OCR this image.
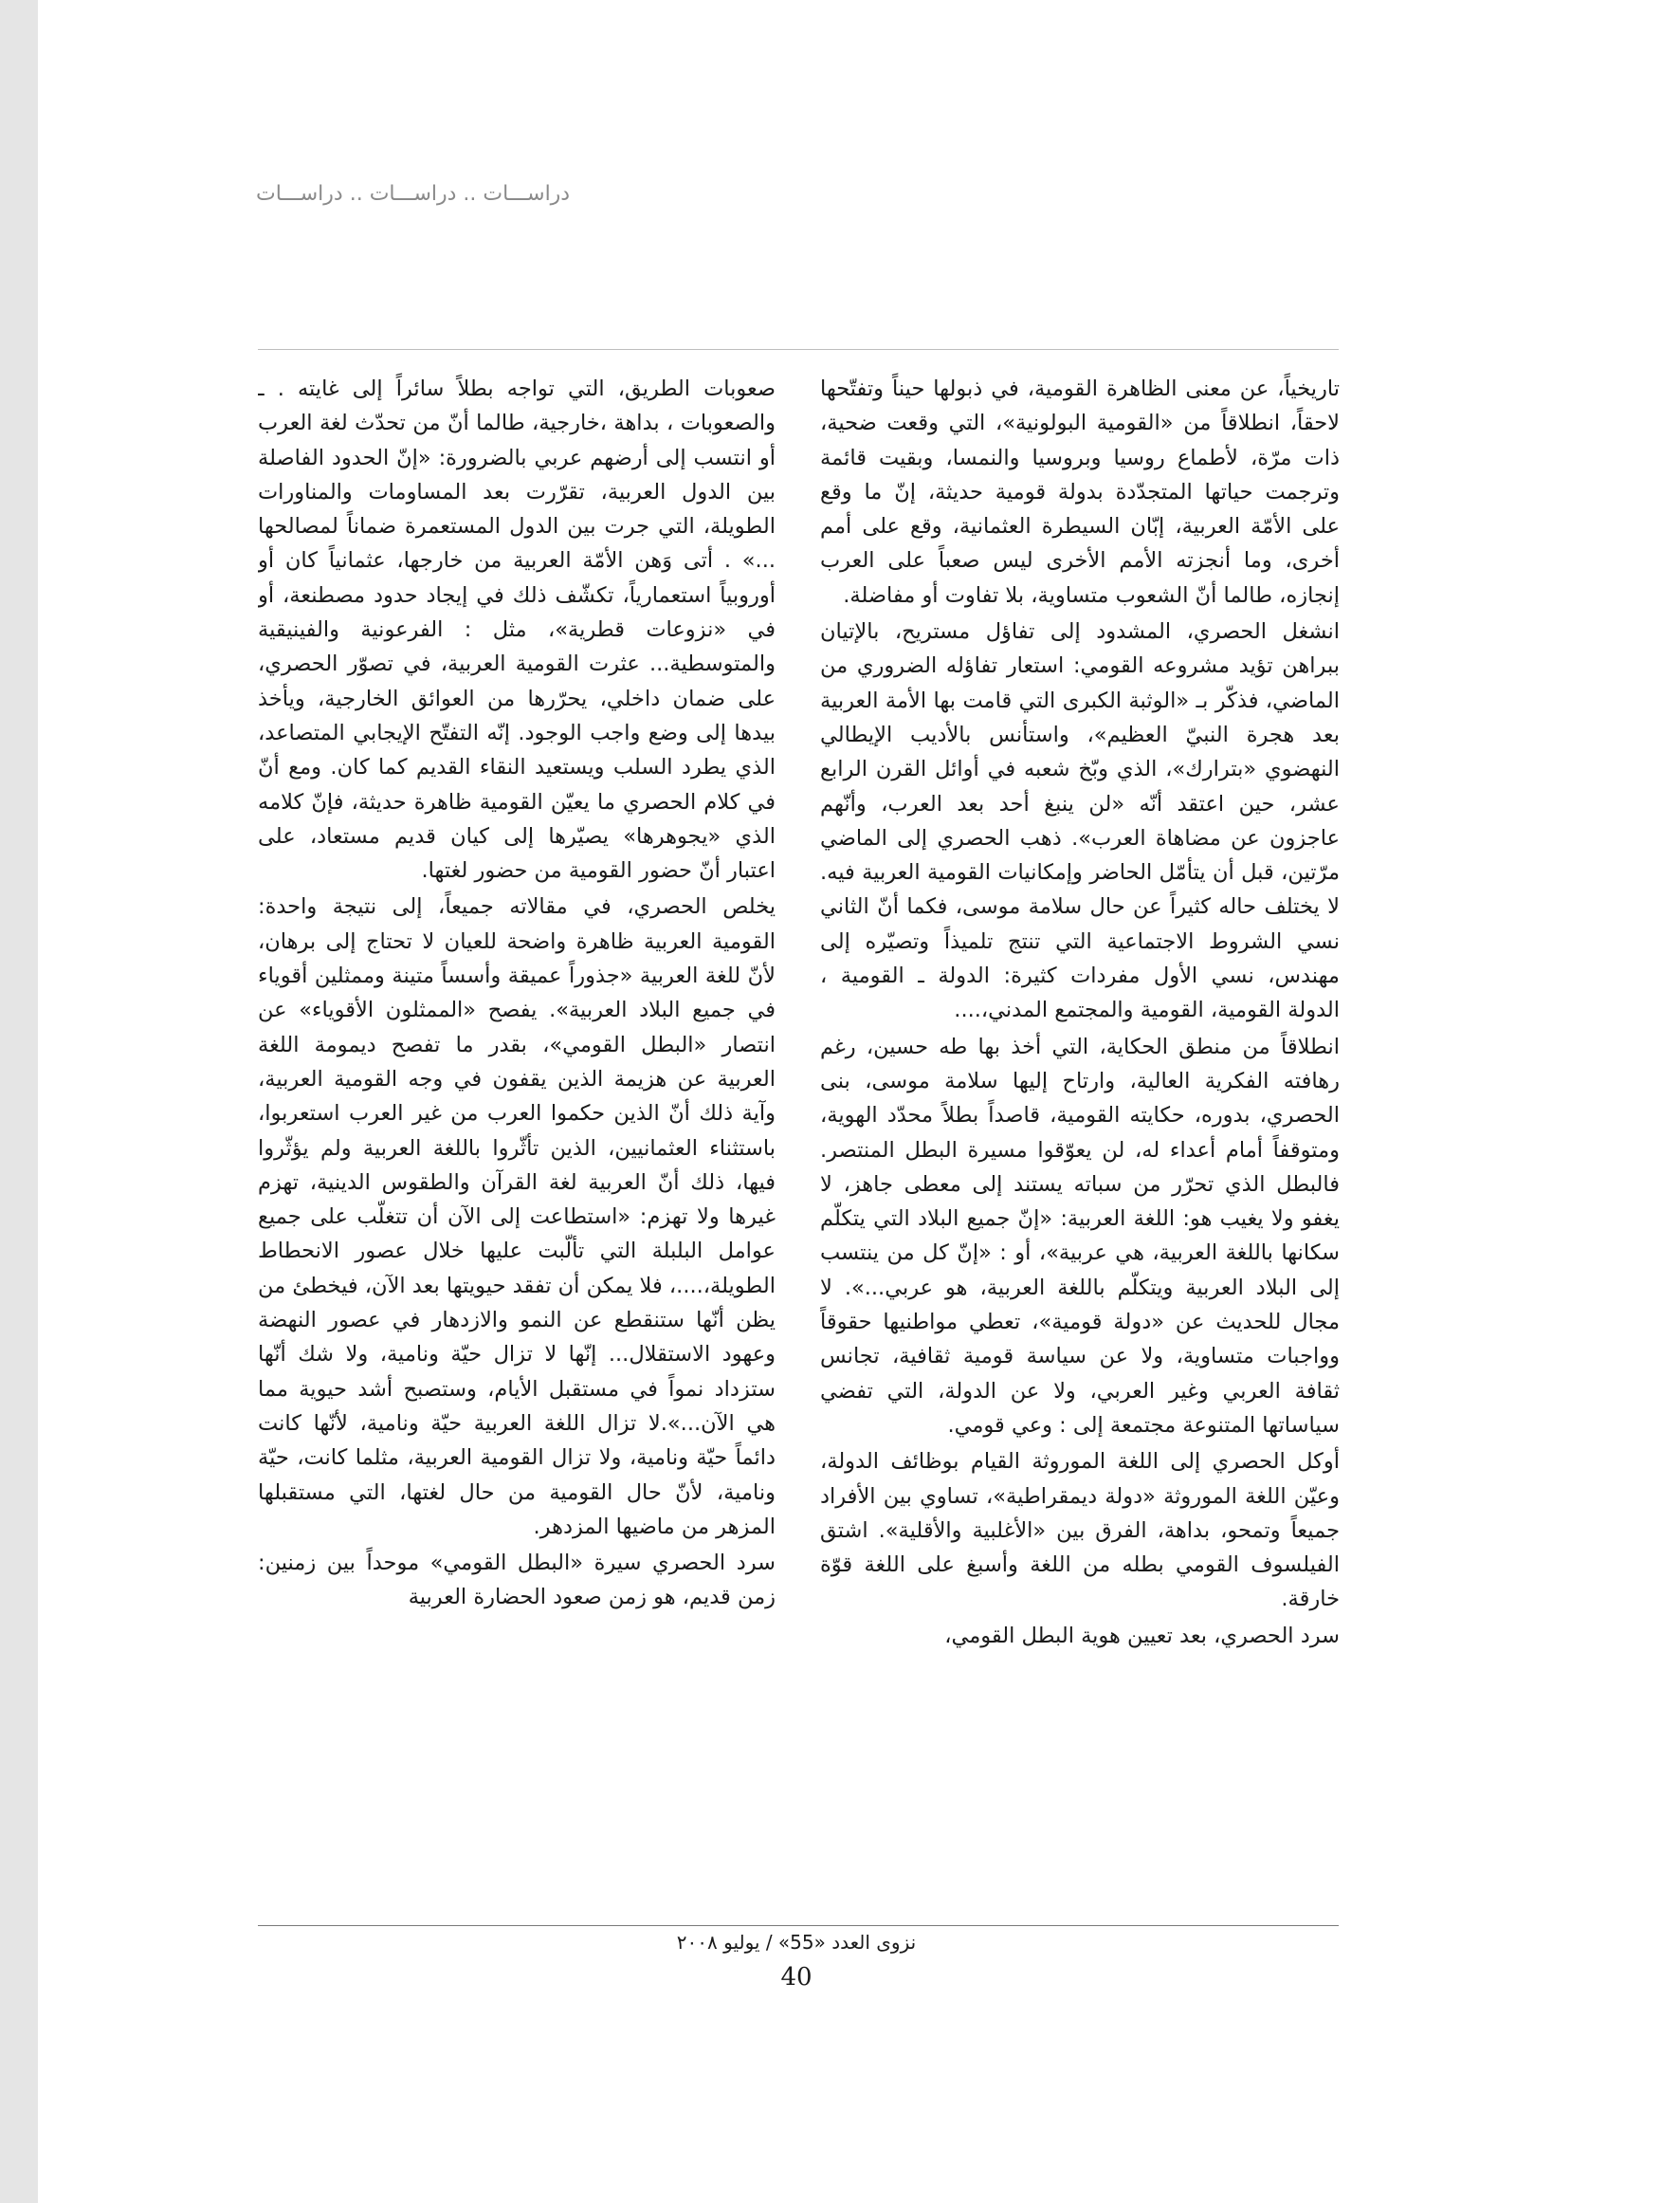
دراســـات .. دراســـات .. دراســـات

تاريخياً، عن معنى الظاهرة القومية، في ذبولها حيناً وتفتّحها لاحقاً، انطلاقاً من «القومية البولونية»، التي وقعت ضحية، ذات مرّة، لأطماع روسيا وبروسيا والنمسا، وبقيت قائمة وترجمت حياتها المتجدّدة بدولة قومية حديثة، إنّ ما وقع على الأمّة العربية، إبّان السيطرة العثمانية، وقع على أمم أخرى، وما أنجزته الأمم الأخرى ليس صعباً على العرب إنجازه، طالما أنّ الشعوب متساوية، بلا تفاوت أو مفاضلة.

انشغل الحصري، المشدود إلى تفاؤل مستريح، بالإتيان ببراهن تؤيد مشروعه القومي: استعار تفاؤله الضروري من الماضي، فذكّر بـ «الوثبة الكبرى التي قامت بها الأمة العربية بعد هجرة النبيّ العظيم»، واستأنس بالأديب الإيطالي النهضوي «بترارك»، الذي وبّخ شعبه في أوائل القرن الرابع عشر، حين اعتقد أنّه «لن ينبغ أحد بعد العرب، وأنّهم عاجزون عن مضاهاة العرب». ذهب الحصري إلى الماضي مرّتين، قبل أن يتأمّل الحاضر وإمكانيات القومية العربية فيه. لا يختلف حاله كثيراً عن حال سلامة موسى، فكما أنّ الثاني نسي الشروط الاجتماعية التي تنتج تلميذاً وتصيّره إلى مهندس، نسي الأول مفردات كثيرة: الدولة ـ القومية ، الدولة القومية، القومية والمجتمع المدني،....

انطلاقاً من منطق الحكاية، التي أخذ بها طه حسين، رغم رهافته الفكرية العالية، وارتاح إليها سلامة موسى، بنى الحصري، بدوره، حكايته القومية، قاصداً بطلاً محدّد الهوية، ومتوقفاً أمام أعداء له، لن يعوّقوا مسيرة البطل المنتصر. فالبطل الذي تحرّر من سباته يستند إلى معطى جاهز، لا يغفو ولا يغيب هو: اللغة العربية: «إنّ جميع البلاد التي يتكلّم سكانها باللغة العربية، هي عربية»، أو : «إنّ كل من ينتسب إلى البلاد العربية ويتكلّم باللغة العربية، هو عربي...». لا مجال للحديث عن «دولة قومية»، تعطي مواطنيها حقوقاً وواجبات متساوية، ولا عن سياسة قومية ثقافية، تجانس ثقافة العربي وغير العربي، ولا عن الدولة، التي تفضي سياساتها المتنوعة مجتمعة إلى : وعي قومي.

أوكل الحصري إلى اللغة الموروثة القيام بوظائف الدولة، وعيّن اللغة الموروثة «دولة ديمقراطية»، تساوي بين الأفراد جميعاً وتمحو، بداهة، الفرق بين «الأغلبية والأقلية». اشتق الفيلسوف القومي بطله من اللغة وأسبغ على اللغة قوّة خارقة.

سرد الحصري، بعد تعيين هوية البطل القومي،

صعوبات الطريق، التي تواجه بطلاً سائراً إلى غايته . ـ والصعوبات ، بداهة ،خارجية، طالما أنّ من تحدّث لغة العرب أو انتسب إلى أرضهم عربي بالضرورة: «إنّ الحدود الفاصلة بين الدول العربية، تقرّرت بعد المساومات والمناورات الطويلة، التي جرت بين الدول المستعمرة ضماناً لمصالحها ...» . أتى وَهن الأمّة العربية من خارجها، عثمانياً كان أو أوروبياً استعمارياً، تكشّف ذلك في إيجاد حدود مصطنعة، أو في «نزوعات قطرية»، مثل : الفرعونية والفينيقية والمتوسطية... عثرت القومية العربية، في تصوّر الحصري، على ضمان داخلي، يحرّرها من العوائق الخارجية، ويأخذ بيدها إلى وضع واجب الوجود. إنّه التفتّح الإيجابي المتصاعد، الذي يطرد السلب ويستعيد النقاء القديم كما كان. ومع أنّ في كلام الحصري ما يعيّن القومية ظاهرة حديثة، فإنّ كلامه الذي «يجوهرها» يصيّرها إلى كيان قديم مستعاد، على اعتبار أنّ حضور القومية من حضور لغتها.

يخلص الحصري، في مقالاته جميعاً، إلى نتيجة واحدة: القومية العربية ظاهرة واضحة للعيان لا تحتاج إلى برهان، لأنّ للغة العربية «جذوراً عميقة وأسساً متينة وممثلين أقوياء في جميع البلاد العربية». يفصح «الممثلون الأقوياء» عن انتصار «البطل القومي»، بقدر ما تفصح ديمومة اللغة العربية عن هزيمة الذين يقفون في وجه القومية العربية، وآية ذلك أنّ الذين حكموا العرب من غير العرب استعربوا، باستثناء العثمانيين، الذين تأثّروا باللغة العربية ولم يؤثّروا فيها، ذلك أنّ العربية لغة القرآن والطقوس الدينية، تهزم غيرها ولا تهزم: «استطاعت إلى الآن أن تتغلّب على جميع عوامل البلبلة التي تألّبت عليها خلال عصور الانحطاط الطويلة،....، فلا يمكن أن تفقد حيويتها بعد الآن، فيخطئ من يظن أنّها ستنقطع عن النمو والازدهار في عصور النهضة وعهود الاستقلال... إنّها لا تزال حيّة ونامية، ولا شك أنّها ستزداد نمواً في مستقبل الأيام، وستصبح أشد حيوية مما هي الآن...».لا تزال اللغة العربية حيّة ونامية، لأنّها كانت دائماً حيّة ونامية، ولا تزال القومية العربية، مثلما كانت، حيّة ونامية، لأنّ حال القومية من حال لغتها، التي مستقبلها المزهر من ماضيها المزدهر.

سرد الحصري سيرة «البطل القومي» موحداً بين زمنين: زمن قديم، هو زمن صعود الحضارة العربية

نزوى العدد «55» / يوليو ٢٠٠٨
40
